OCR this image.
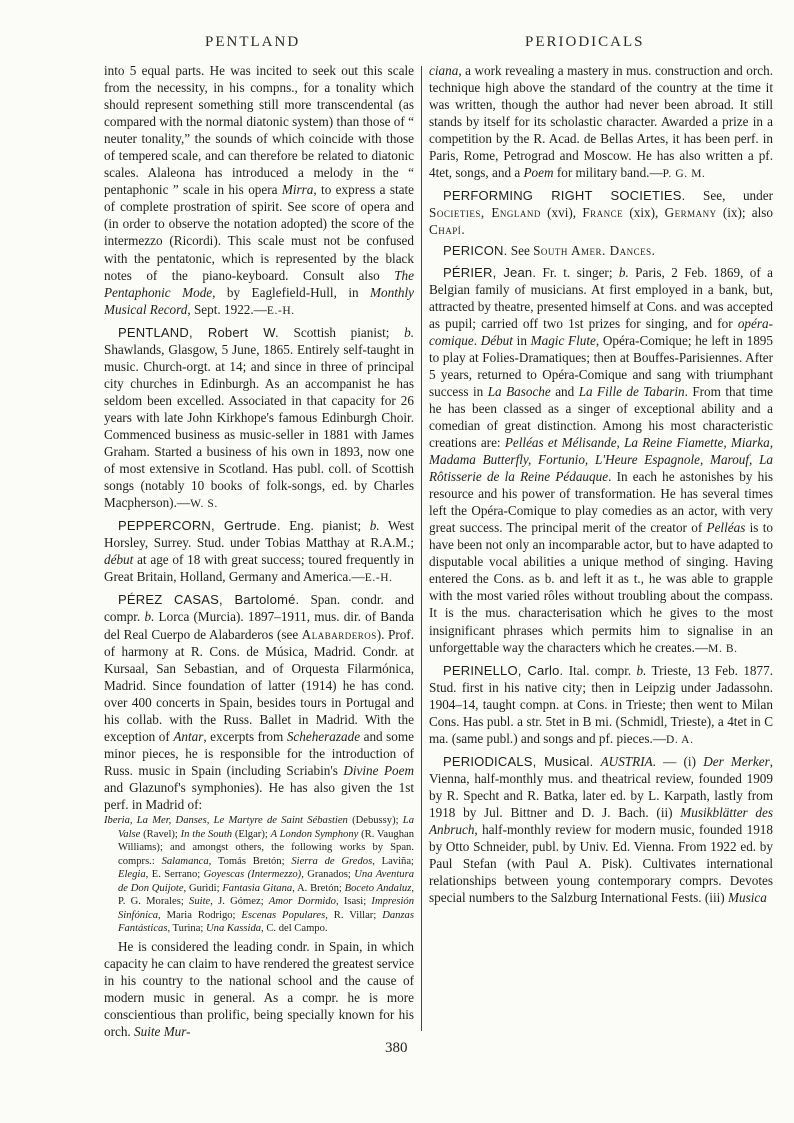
PENTLAND	PERIODICALS

into 5 equal parts. He was incited to seek out this scale from the necessity, in his compns., for a tonality which should represent something still more transcendental (as compared with the normal diatonic system) than those of “ neuter tonality,” the sounds of which coincide with those of tempered scale, and can therefore be related to diatonic scales. Alaleona has introduced a melody in the “ pentaphonic ” scale in his opera Mirra, to express a state of complete prostration of spirit. See score of opera and (in order to observe the notation adopted) the score of the intermezzo (Ricordi). This scale must not be confused with the pentatonic, which is represented by the black notes of the piano-keyboard. Consult also The Pentaphonic Mode, by Eaglefield-Hull, in Monthly Musical Record, Sept. 1922.—E.-H.

PENTLAND, Robert W. Scottish pianist; b. Shawlands, Glasgow, 5 June, 1865. Entirely self-taught in music. Church-orgt. at 14; and since in three of principal city churches in Edinburgh. As an accompanist he has seldom been excelled. Associated in that capacity for 26 years with late John Kirkhope's famous Edinburgh Choir. Commenced business as music-seller in 1881 with James Graham. Started a business of his own in 1893, now one of most extensive in Scotland. Has publ. coll. of Scottish songs (notably 10 books of folk-songs, ed. by Charles Macpherson).—W. S.

PEPPERCORN, Gertrude. Eng. pianist; b. West Horsley, Surrey. Stud. under Tobias Matthay at R.A.M.; début at age of 18 with great success; toured frequently in Great Britain, Holland, Germany and America.—E.-H.

PÉREZ CASAS, Bartolomé. Span. condr. and compr. b. Lorca (Murcia). 1897–1911, mus. dir. of Banda del Real Cuerpo de Alabarderos (see Alabarderos). Prof. of harmony at R. Cons. de Música, Madrid. Condr. at Kursaal, San Sebastian, and of Orquesta Filarmónica, Madrid. Since foundation of latter (1914) he has cond. over 400 concerts in Spain, besides tours in Portugal and his collab. with the Russ. Ballet in Madrid. With the exception of Antar, excerpts from Scheherazade and some minor pieces, he is responsible for the introduction of Russ. music in Spain (including Scriabin's Divine Poem and Glazunof's symphonies). He has also given the 1st perf. in Madrid of:

Iberia, La Mer, Danses, Le Martyre de Saint Sébastien (Debussy); La Valse (Ravel); In the South (Elgar); A London Symphony (R. Vaughan Williams); and amongst others, the following works by Span. comprs.: Salamanca, Tomás Bretón; Sierra de Gredos, Laviña; Elegia, E. Serrano; Goyescas (Intermezzo), Granados; Una Aventura de Don Quijote, Guridi; Fantasia Gitana, A. Bretón; Boceto Andaluz, P. G. Morales; Suite, J. Gómez; Amor Dormido, Isasi; Impresión Sinfónica, Maria Rodrigo; Escenas Populares, R. Villar; Danzas Fantásticas, Turina; Una Kassida, C. del Campo.

He is considered the leading condr. in Spain, in which capacity he can claim to have rendered the greatest service in his country to the national school and the cause of modern music in general. As a compr. he is more conscientious than prolific, being specially known for his orch. Suite Mur-

ciana, a work revealing a mastery in mus. construction and orch. technique high above the standard of the country at the time it was written, though the author had never been abroad. It still stands by itself for its scholastic character. Awarded a prize in a competition by the R. Acad. de Bellas Artes, it has been perf. in Paris, Rome, Petrograd and Moscow. He has also written a pf. 4tet, songs, and a Poem for military band.—P. G. M.

PERFORMING RIGHT SOCIETIES. See, under Societies, England (xvi), France (xix), Germany (ix); also Chapí.

PERICON. See South Amer. Dances.

PÉRIER, Jean. Fr. t. singer; b. Paris, 2 Feb. 1869, of a Belgian family of musicians. At first employed in a bank, but, attracted by theatre, presented himself at Cons. and was accepted as pupil; carried off two 1st prizes for singing, and for opéra-comique. Début in Magic Flute, Opéra-Comique; he left in 1895 to play at Folies-Dramatiques; then at Bouffes-Parisiennes. After 5 years, returned to Opéra-Comique and sang with triumphant success in La Basoche and La Fille de Tabarin. From that time he has been classed as a singer of exceptional ability and a comedian of great distinction. Among his most characteristic creations are: Pelléas et Mélisande, La Reine Fiamette, Miarka, Madama Butterfly, Fortunio, L'Heure Espagnole, Marouf, La Rôtisserie de la Reine Pédauque. In each he astonishes by his resource and his power of transformation. He has several times left the Opéra-Comique to play comedies as an actor, with very great success. The principal merit of the creator of Pelléas is to have been not only an incomparable actor, but to have adapted to disputable vocal abilities a unique method of singing. Having entered the Cons. as b. and left it as t., he was able to grapple with the most varied rôles without troubling about the compass. It is the mus. characterisation which he gives to the most insignificant phrases which permits him to signalise in an unforgettable way the characters which he creates.—M. B.

PERINELLO, Carlo. Ital. compr. b. Trieste, 13 Feb. 1877. Stud. first in his native city; then in Leipzig under Jadassohn. 1904–14, taught compn. at Cons. in Trieste; then went to Milan Cons. Has publ. a str. 5tet in B mi. (Schmidl, Trieste), a 4tet in C ma. (same publ.) and songs and pf. pieces.—D. A.

PERIODICALS, Musical. AUSTRIA. — (i) Der Merker, Vienna, half-monthly mus. and theatrical review, founded 1909 by R. Specht and R. Batka, later ed. by L. Karpath, lastly from 1918 by Jul. Bittner and D. J. Bach. (ii) Musikblätter des Anbruch, half-monthly review for modern music, founded 1918 by Otto Schneider, publ. by Univ. Ed. Vienna. From 1922 ed. by Paul Stefan (with Paul A. Pisk). Cultivates international relationships between young contemporary comprs. Devotes special numbers to the Salzburg International Fests. (iii) Musica

380
